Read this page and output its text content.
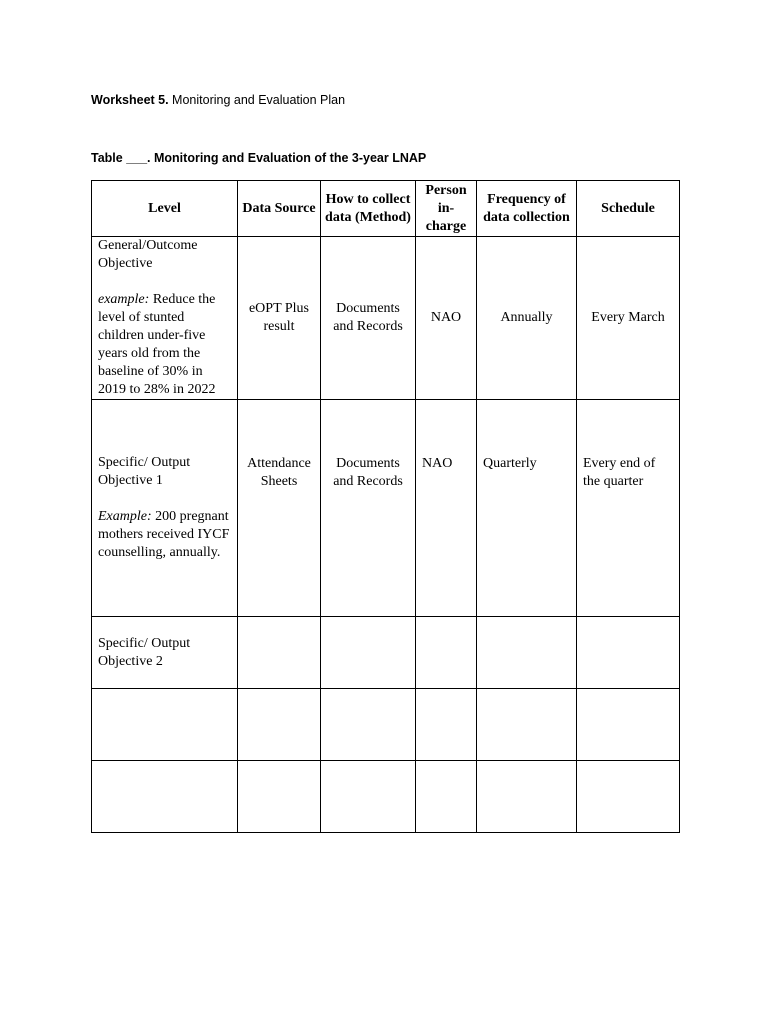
Worksheet 5. Monitoring and Evaluation Plan

Table ___. Monitoring and Evaluation of the 3-year LNAP

Level	Data Source	How to collect data (Method)	Person in-charge	Frequency of data collection	Schedule

General/Outcome Objective
example: Reduce the level of stunted children under-five years old from the baseline of 30% in 2019 to 28% in 2022	eOPT Plus result	Documents and Records	NAO	Annually	Every March

Specific/ Output Objective 1
Example: 200 pregnant mothers received IYCF counselling, annually.	Attendance Sheets	Documents and Records	NAO	Quarterly	Every end of the quarter

Specific/ Output Objective 2					
